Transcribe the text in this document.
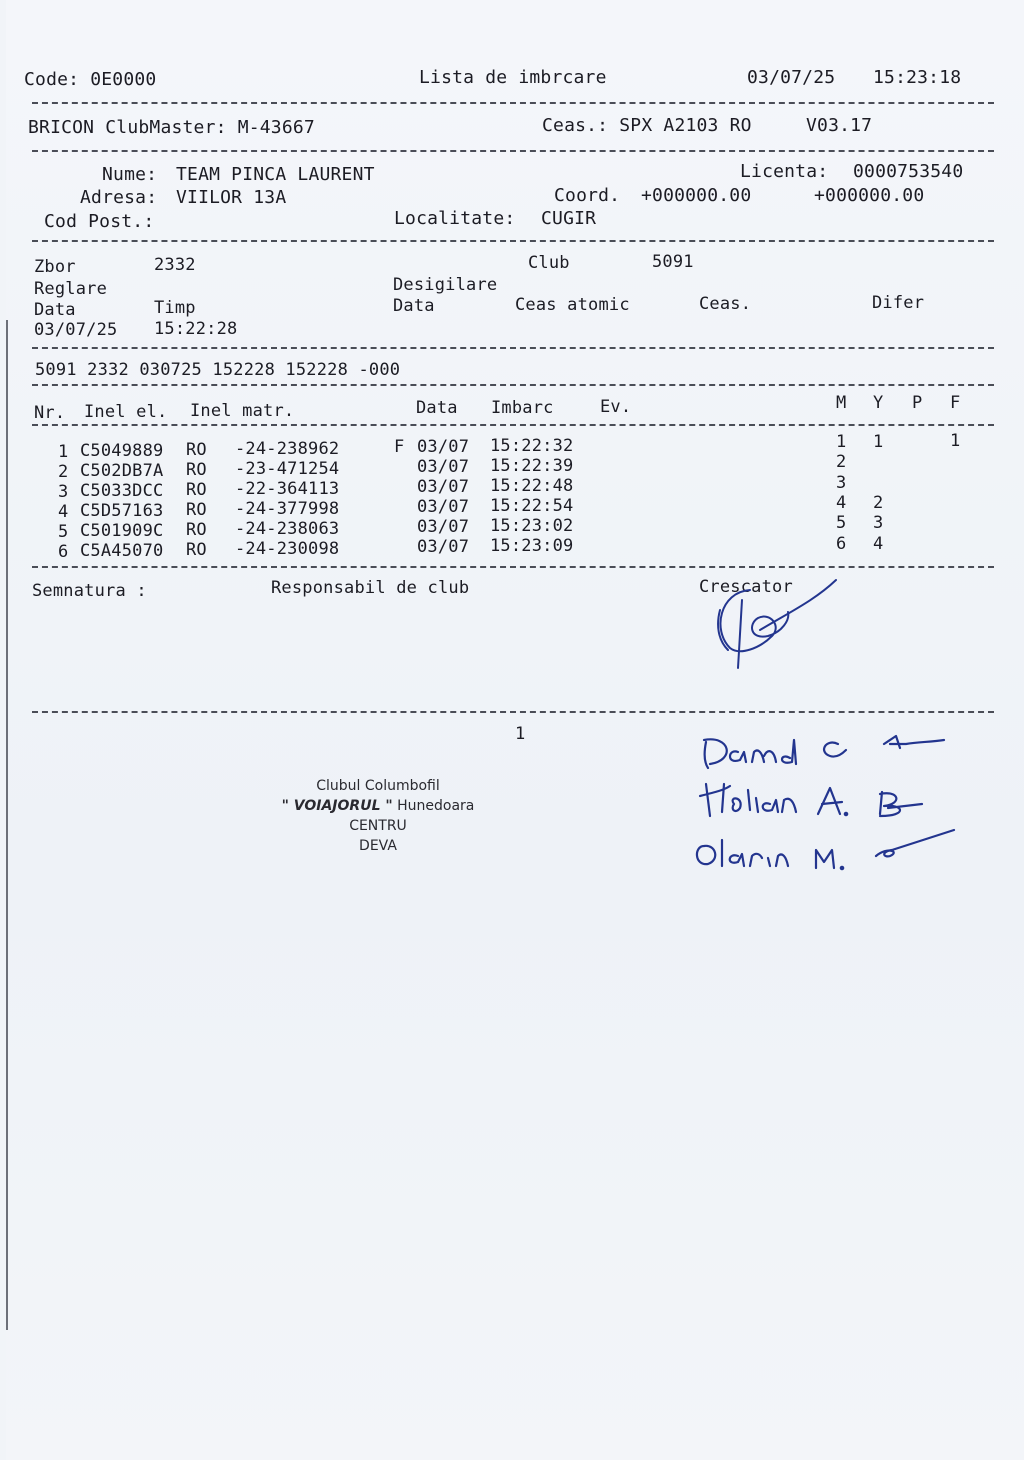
Code: 0E0000	Lista de imbrcare	03/07/25 15:23:18
BRICON ClubMaster: M-43667	Ceas.: SPX A2103 RO	V03.17
Nume: TEAM PINCA LAURENT	Licenta: 0000753540
Adresa: VIILOR 13A	Coord. +000000.00	+000000.00
Cod Post.:	Localitate: CUGIR
Zbor	2332	Club	5091
Reglare	Desigilare
Data	Timp	Data	Ceas atomic	Ceas.	Difer
03/07/25 15:22:28
5091 2332 030725 152228 152228 -000
Nr. Inel el. Inel matr.	Data Imbarc	Ev.	M Y P F
1 C5049889 RO -24-238962	F 03/07 15:22:32	1 1	1
2 C502DB7A RO -23-471254	03/07 15:22:39	2
3 C5033DCC RO -22-364113	03/07 15:22:48	3
4 C5D57163 RO -24-377998	03/07 15:22:54	4 2
5 C501909C RO -24-238063	03/07 15:23:02	5 3
6 C5A45070 RO -24-230098	03/07 15:23:09	6 4
Semnatura :	Responsabil de club	Crescator
1
Clubul Columbofil
" VOIAJORUL " Hunedoara
CENTRU
DEVA
